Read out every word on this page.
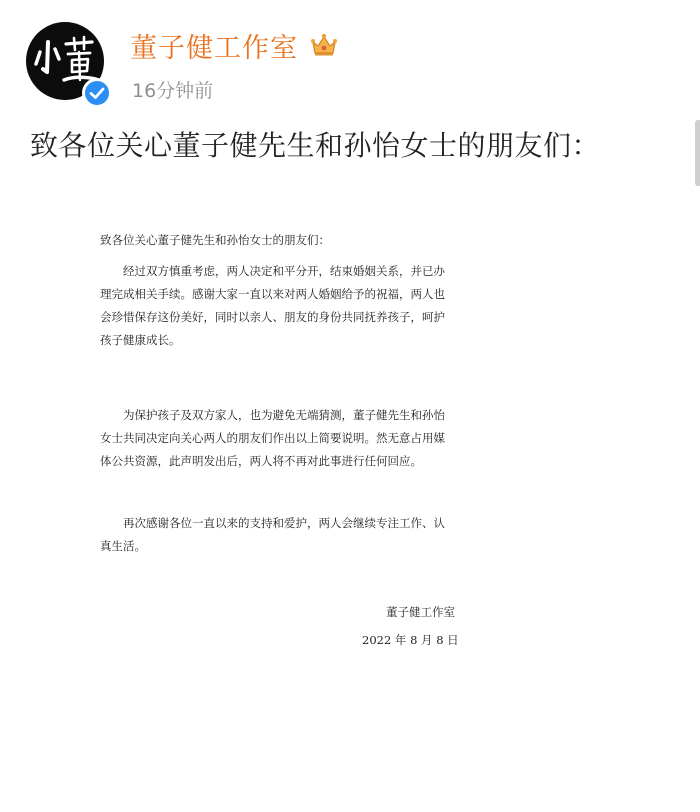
董子健工作室
16分钟前
致各位关心董子健先生和孙怡女士的朋友们：
致各位关心董子健先生和孙怡女士的朋友们：
经过双方慎重考虑，两人决定和平分开，结束婚姻关系，并已办
理完成相关手续。感谢大家一直以来对两人婚姻给予的祝福，两人也
会珍惜保存这份美好，同时以亲人、朋友的身份共同抚养孩子，呵护
孩子健康成长。
为保护孩子及双方家人，也为避免无端猜测，董子健先生和孙怡
女士共同决定向关心两人的朋友们作出以上简要说明。然无意占用媒
体公共资源，此声明发出后，两人将不再对此事进行任何回应。
再次感谢各位一直以来的支持和爱护，两人会继续专注工作、认
真生活。
董子健工作室
2022 年 8 月 8 日
